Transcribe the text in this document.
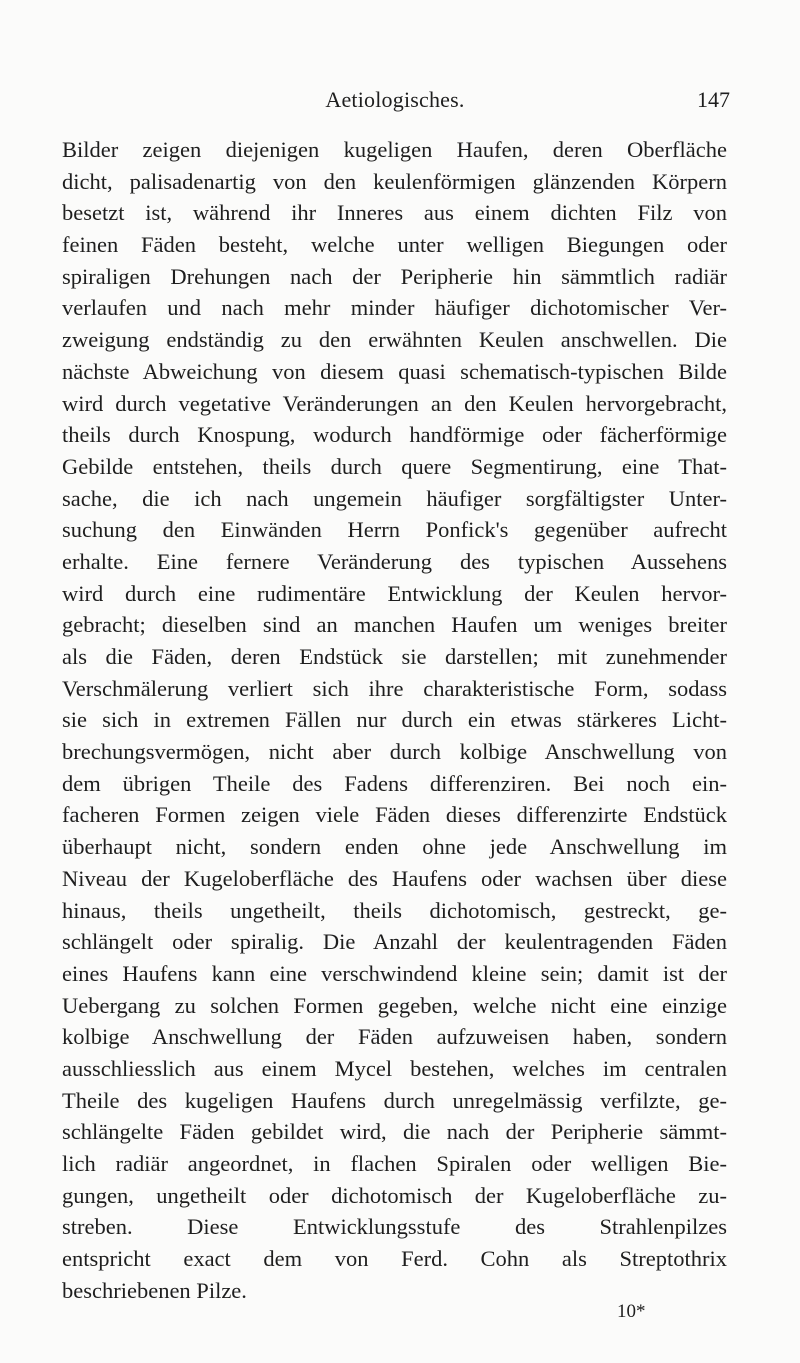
Aetiologisches.	147
Bilder zeigen diejenigen kugeligen Haufen, deren Oberfläche
dicht, palisadenartig von den keulenförmigen glänzenden Körpern
besetzt ist, während ihr Inneres aus einem dichten Filz von
feinen Fäden besteht, welche unter welligen Biegungen oder
spiraligen Drehungen nach der Peripherie hin sämmtlich radiär
verlaufen und nach mehr minder häufiger dichotomischer Ver-
zweigung endständig zu den erwähnten Keulen anschwellen. Die
nächste Abweichung von diesem quasi schematisch-typischen Bilde
wird durch vegetative Veränderungen an den Keulen hervorgebracht,
theils durch Knospung, wodurch handförmige oder fächerförmige
Gebilde entstehen, theils durch quere Segmentirung, eine That-
sache, die ich nach ungemein häufiger sorgfältigster Unter-
suchung den Einwänden Herrn Ponfick's gegenüber aufrecht
erhalte. Eine fernere Veränderung des typischen Aussehens
wird durch eine rudimentäre Entwicklung der Keulen hervor-
gebracht; dieselben sind an manchen Haufen um weniges breiter
als die Fäden, deren Endstück sie darstellen; mit zunehmender
Verschmälerung verliert sich ihre charakteristische Form, sodass
sie sich in extremen Fällen nur durch ein etwas stärkeres Licht-
brechungsvermögen, nicht aber durch kolbige Anschwellung von
dem übrigen Theile des Fadens differenziren. Bei noch ein-
facheren Formen zeigen viele Fäden dieses differenzirte Endstück
überhaupt nicht, sondern enden ohne jede Anschwellung im
Niveau der Kugeloberfläche des Haufens oder wachsen über diese
hinaus, theils ungetheilt, theils dichotomisch, gestreckt, ge-
schlängelt oder spiralig. Die Anzahl der keulentragenden Fäden
eines Haufens kann eine verschwindend kleine sein; damit ist der
Uebergang zu solchen Formen gegeben, welche nicht eine einzige
kolbige Anschwellung der Fäden aufzuweisen haben, sondern
ausschliesslich aus einem Mycel bestehen, welches im centralen
Theile des kugeligen Haufens durch unregelmässig verfilzte, ge-
schlängelte Fäden gebildet wird, die nach der Peripherie sämmt-
lich radiär angeordnet, in flachen Spiralen oder welligen Bie-
gungen, ungetheilt oder dichotomisch der Kugeloberfläche zu-
streben. Diese Entwicklungsstufe des Strahlenpilzes
entspricht exact dem von Ferd. Cohn als Streptothrix
beschriebenen Pilze.
10*
